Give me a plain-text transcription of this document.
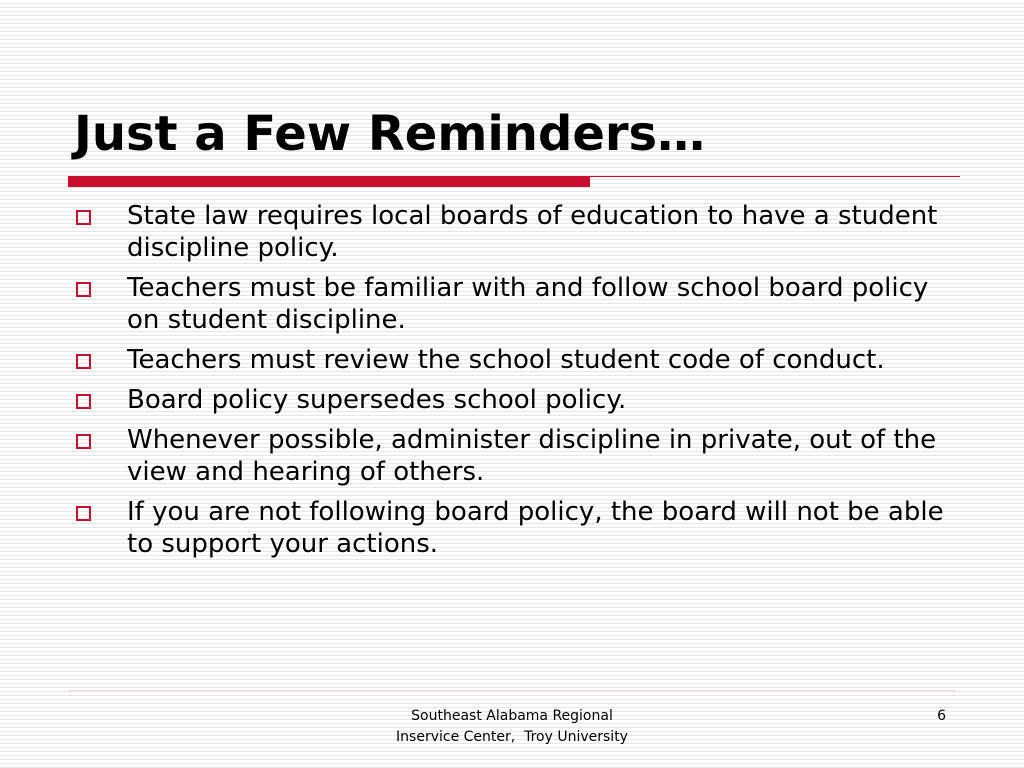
Just a Few Reminders…
State law requires local boards of education to have a student discipline policy.
Teachers must be familiar with and follow school board policy on student discipline.
Teachers must review the school student code of conduct.
Board policy supersedes school policy.
Whenever possible, administer discipline in private, out of the view and hearing of others.
If you are not following board policy, the board will not be able to support your actions.
Southeast Alabama Regional
Inservice Center,  Troy University
6
